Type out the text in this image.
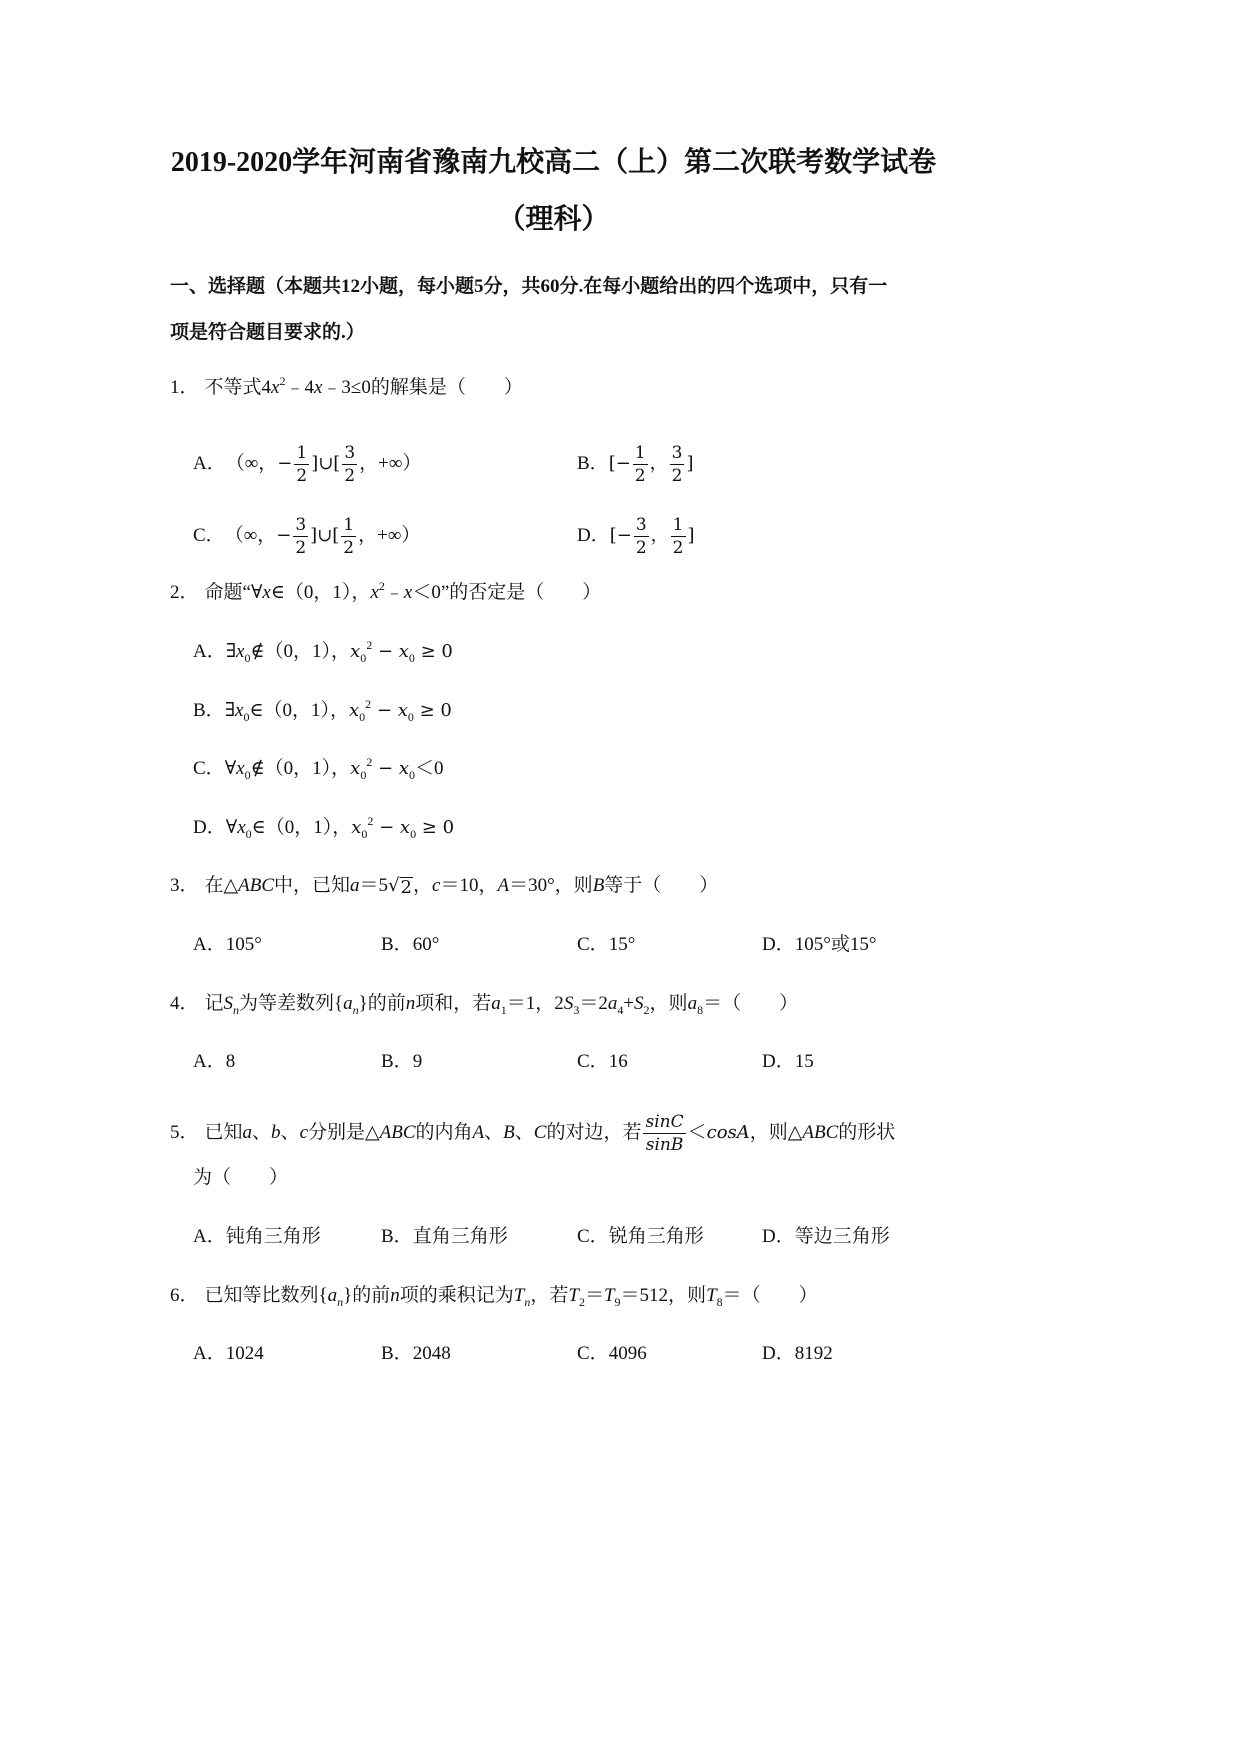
2019-2020学年河南省豫南九校高二（上）第二次联考数学试卷
（理科）
一、选择题（本题共12小题，每小题5分，共60分.在每小题给出的四个选项中，只有一
项是符合题目要求的.）
1． 不等式$4x^2﹣4x﹣3\le 0$的解集是（　　）
A．（∞，− $\frac{1}{2}$ ]∪[ $\frac{3}{2}$ ，+∞）	B．[− $\frac{1}{2}$ ， $\frac{3}{2}$ ]
C．（∞，− $\frac{3}{2}$ ]∪[ $\frac{1}{2}$ ，+∞）	D．[− $\frac{3}{2}$ ， $\frac{1}{2}$ ]
2． 命题“∀x∈（0，1），$x^2﹣x<0$”的否定是（　　）
A．$\exists x_0\notin(0$，1），$x_0^2 - x_0 \ge 0$
B．$\exists x_0\in(0$，1），$x_0^2 - x_0 \ge 0$
C．$\forall x_0\notin(0$，1），$x_0^2 - x_0<0$
D．$\forall x_0\in(0$，1），$x_0^2 - x_0 \ge 0$
3． 在△ABC中，已知a＝5 √ 2 ，c＝10，A＝30°，则B等于（　　）
A．105°	B．60°	C．15°	D．105°或15°
4． 记$S_n$为等差数列$\{a_n\}$的前n项和，若$a_1=1$，$2S_3=2a_4+S_2$，则$a_8=$（　　）
A．8	B．9	C．16	D．15
5． 已知a、b、c分别是△ABC的内角A、B、C的对边，若 $\frac{\sin C}{\sin B} <\cos A$，则△ABC的形状
为（　　）
A．钝角三角形	B．直角三角形	C．锐角三角形	D．等边三角形
6． 已知等比数列$\{a_n\}$的前n项的乘积记为$T_n$，若$T_2=T_9=512$，则$T_8=$（　　）
A．1024	B．2048	C．4096	D．8192
